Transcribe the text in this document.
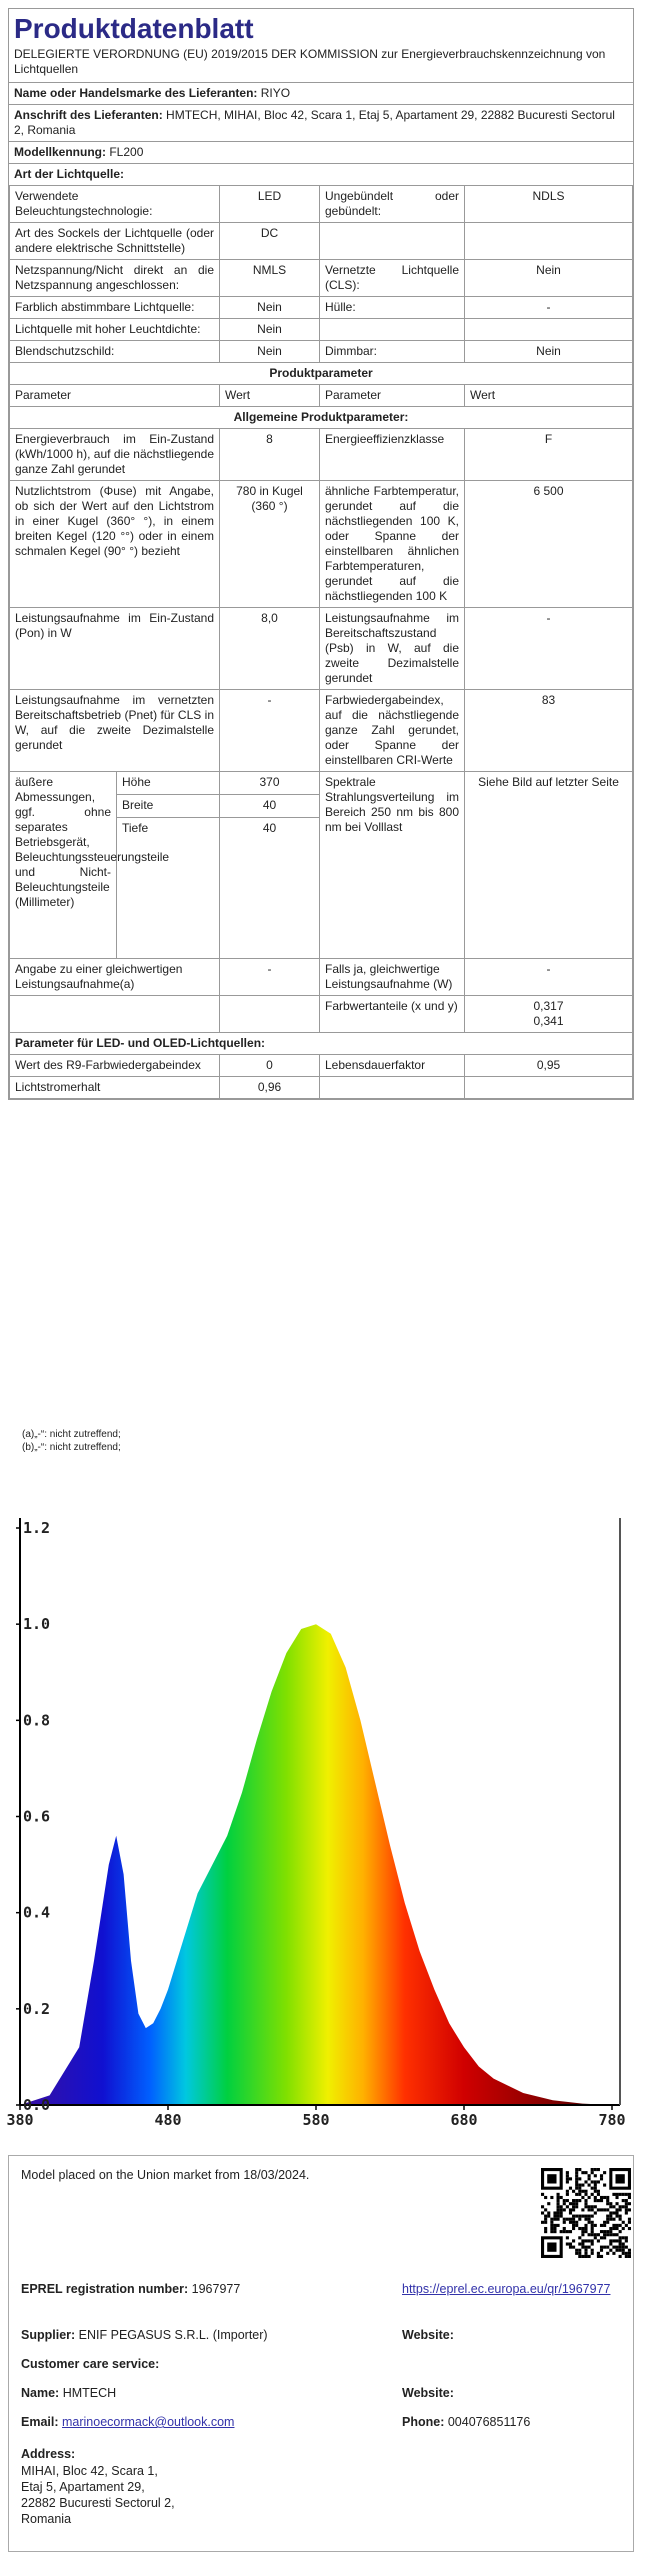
Produktdatenblatt
DELEGIERTE VERORDNUNG (EU) 2019/2015 DER KOMMISSION zur Energieverbrauchskennzeichnung von Lichtquellen
Name oder Handelsmarke des Lieferanten: RIYO
Anschrift des Lieferanten: HMTECH, MIHAI, Bloc 42, Scara 1, Etaj 5, Apartament 29, 22882 Bucuresti Sectorul 2, Romania
Modellkennung: FL200
Art der Lichtquelle:
Verwendete Beleuchtungstechnologie:	LED	Ungebündelt oder gebündelt:	NDLS
Art des Sockels der Lichtquelle (oder andere elektrische Schnittstelle)	DC		
Netzspannung/Nicht direkt an die Netzspannung angeschlossen:	NMLS	Vernetzte Lichtquelle (CLS):	Nein
Farblich abstimmbare Lichtquelle:	Nein	Hülle:	-
Lichtquelle mit hoher Leuchtdichte:	Nein		
Blendschutzschild:	Nein	Dimmbar:	Nein
Produktparameter				
Parameter		Wert	Parameter	Wert
Allgemeine Produktparameter:				
Energieverbrauch im Ein-Zustand (kWh/1000 h), auf die nächstliegende ganze Zahl gerundet		8	Energieeffizienzklasse	F
Nutzlichtstrom (Φuse) mit Angabe, ob sich der Wert auf den Lichtstrom in einer Kugel (360° °), in einem breiten Kegel (120 °°) oder in einem schmalen Kegel (90° °) bezieht		780 in Kugel (360 °)	ähnliche Farbtemperatur, gerundet auf die nächstliegenden 100 K, oder Spanne der einstellbaren ähnlichen Farbtemperaturen, gerundet auf die nächstliegenden 100 K	6 500
Leistungsaufnahme im Ein-Zustand (Pon) in W		8,0	Leistungsaufnahme im Bereitschaftszustand (Psb) in W, auf die zweite Dezimalstelle gerundet	-
Leistungsaufnahme im vernetzten Bereitschaftsbetrieb (Pnet) für CLS in W, auf die zweite Dezimalstelle gerundet		-	Farbwiedergabeindex, auf die nächstliegende ganze Zahl gerundet, oder Spanne der einstellbaren CRI-Werte	83
äußere Abmessungen, ggf. ohne separates Betriebsgerät, Beleuchtungssteuerungsteile und Nicht-Beleuchtungsteile (Millimeter)	Höhe	370	Spektrale Strahlungsverteilung im Bereich 250 nm bis 800 nm bei Volllast	Siehe Bild auf letzter Seite
	Breite	40		
	Tiefe	40		

Angabe zu einer gleichwertigen Leistungsaufnahme(a)		-	Falls ja, gleichwertige Leistungsaufnahme (W)	-
			Farbwertanteile (x und y)	0,317
0,341

Parameter für LED- und OLED-Lichtquellen:				
Wert des R9-Farbwiedergabeindex		0	Lebensdauerfaktor	0,95
Lichtstromerhalt		0,96		
(a)„-“: nicht zutreffend;
(b)„-“: nicht zutreffend;
0.0
0.2
0.4
0.6
0.8
1.0
1.2
380	480	580	680	780
Model placed on the Union market from 18/03/2024.
EPREL registration number: 1967977	https://eprel.ec.europa.eu/qr/1967977
Supplier: ENIF PEGASUS S.R.L. (Importer)	Website:
Customer care service:
Name: HMTECH	Website:
Email: marinoecormack@outlook.com	Phone: 004076851176
Address:
MIHAI, Bloc 42, Scara 1,
Etaj 5, Apartament 29,
22882 Bucuresti Sectorul 2,
Romania
